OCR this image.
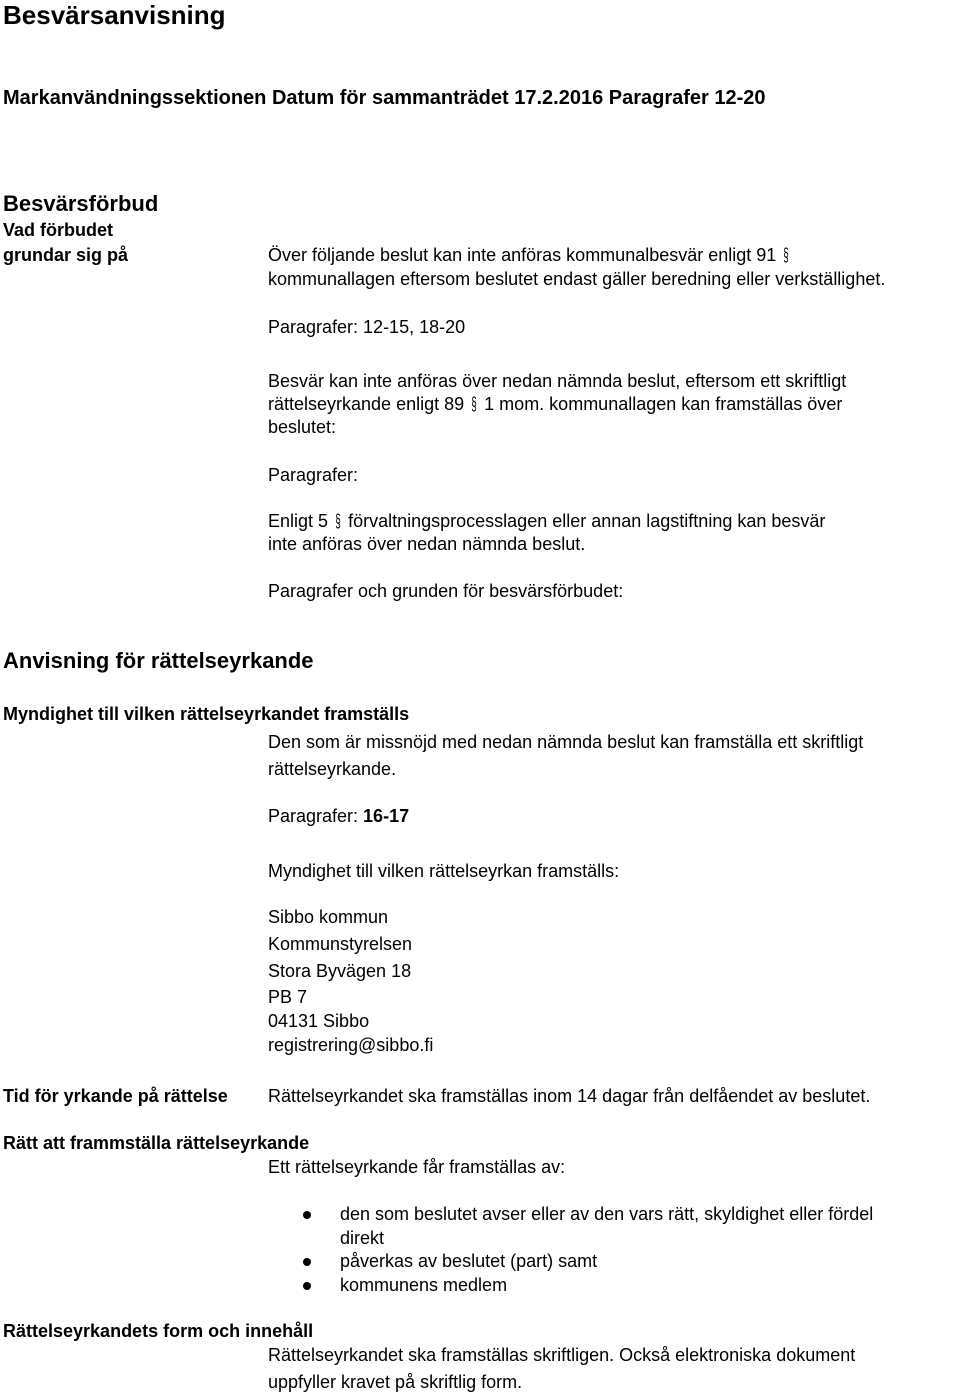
Besvärsanvisning
Markanvändningssektionen Datum för sammanträdet 17.2.2016 Paragrafer 12-20
Besvärsförbud
Vad förbudet
grundar sig på	Över följande beslut kan inte anföras kommunalbesvär enligt 91 §
kommunallagen eftersom beslutet endast gäller beredning eller verkställighet.
Paragrafer: 12-15, 18-20
Besvär kan inte anföras över nedan nämnda beslut, eftersom ett skriftligt
rättelseyrkande enligt 89 § 1 mom. kommunallagen kan framställas över
beslutet:
Paragrafer:
Enligt 5 § förvaltningsprocesslagen eller annan lagstiftning kan besvär
inte anföras över nedan nämnda beslut.
Paragrafer och grunden för besvärsförbudet:
Anvisning för rättelseyrkande
Myndighet till vilken rättelseyrkandet framställs
Den som är missnöjd med nedan nämnda beslut kan framställa ett skriftligt
rättelseyrkande.
Paragrafer: 16-17
Myndighet till vilken rättelseyrkan framställs:
Sibbo kommun
Kommunstyrelsen
Stora Byvägen 18
PB 7
04131 Sibbo
registrering@sibbo.fi
Tid för yrkande på rättelse Rättelseyrkandet ska framställas inom 14 dagar från delfåendet av beslutet.
Rätt att frammställa rättelseyrkande
Ett rättelseyrkande får framställas av:
den som beslutet avser eller av den vars rätt, skyldighet eller fördel
direkt
påverkas av beslutet (part) samt
kommunens medlem
Rättelseyrkandets form och innehåll
Rättelseyrkandet ska framställas skriftligen. Också elektroniska dokument
uppfyller kravet på skriftlig form.
